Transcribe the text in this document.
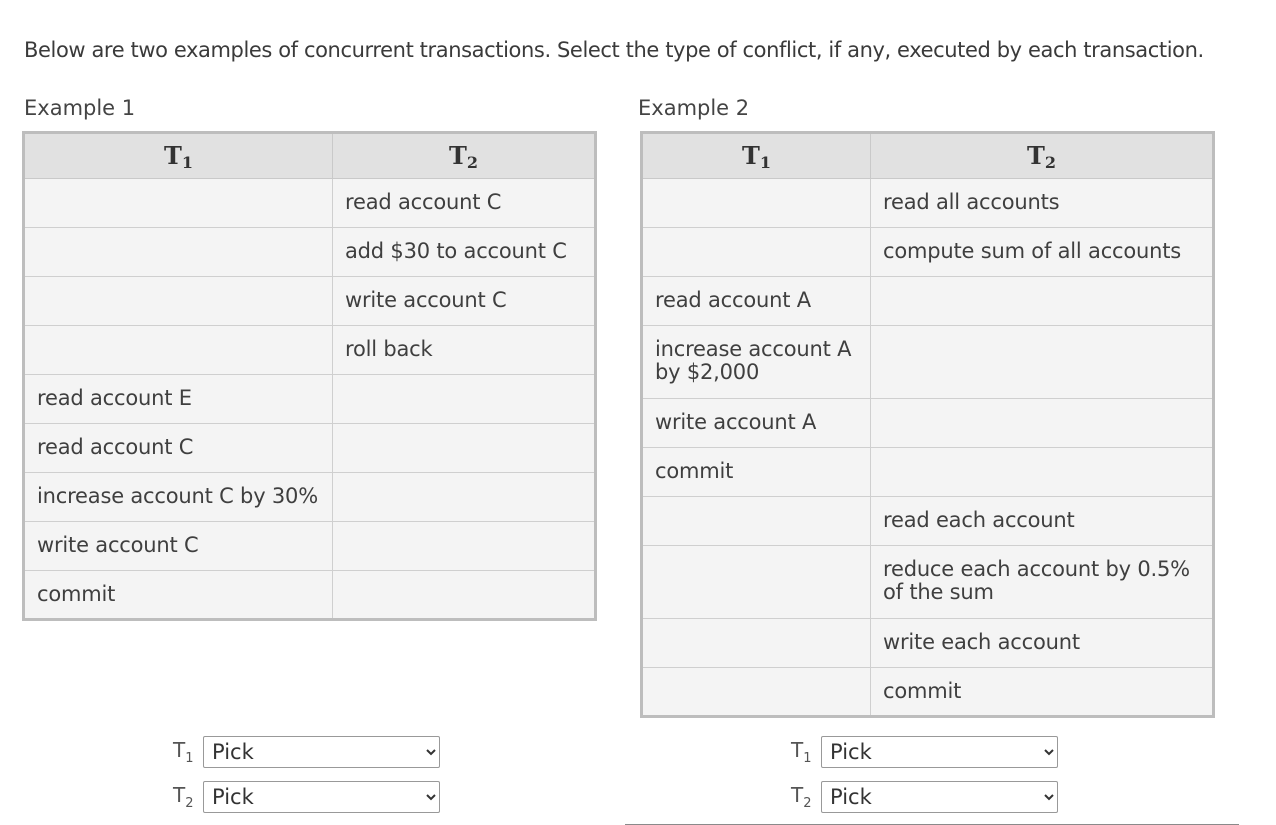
Below are two examples of concurrent transactions. Select the type of conflict, if any, executed by each transaction.
Example 1
$T_1$	$T_2$
	read account C
	add $30 to account C
	write account C
	roll back
read account E	
read account C	
increase account C by 30%	
write account C	
commit	
Example 2
$T_1$	$T_2$
	read all accounts
	compute sum of all accounts
read account A	
increase account A by $2,000	
write account A	
commit	
	read each account
	reduce each account by 0.5% of the sum
	write each account
	commit
$T_1$
Pick
$T_2$
Pick
$T_1$
Pick
$T_2$
Pick
